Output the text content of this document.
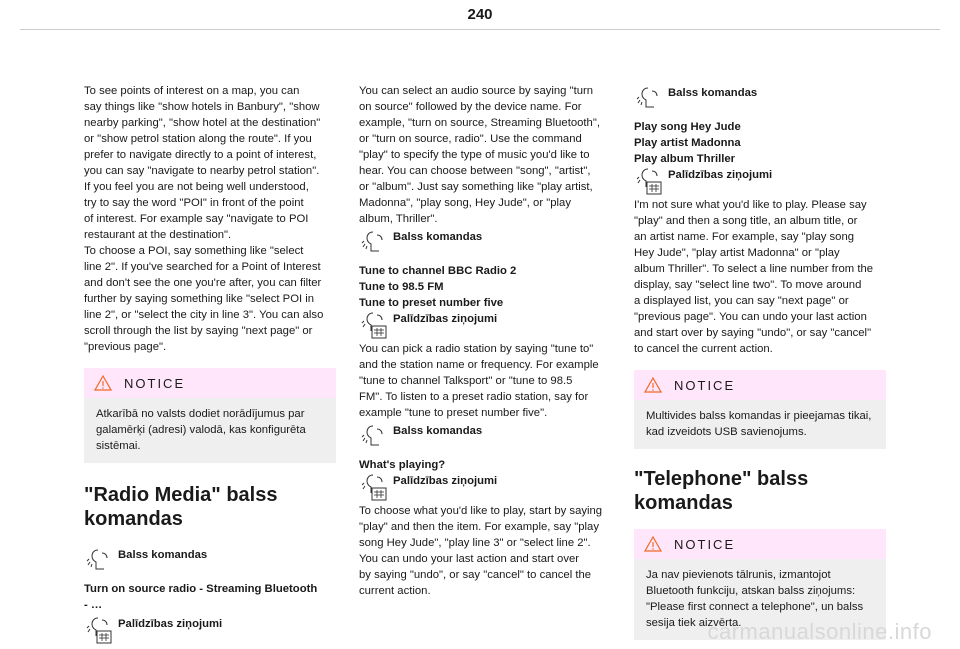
240

To see points of interest on a map, you can
say things like "show hotels in Banbury", "show
nearby parking", "show hotel at the destination"
or "show petrol station along the route". If you
prefer to navigate directly to a point of interest,
you can say "navigate to nearby petrol station".
If you feel you are not being well understood,
try to say the word "POI" in front of the point
of interest. For example say "navigate to POI
restaurant at the destination".
To choose a POI, say something like "select
line 2". If you've searched for a Point of Interest
and don't see the one you're after, you can filter
further by saying something like "select POI in
line 2", or "select the city in line 3". You can also
scroll through the list by saying "next page" or
"previous page".

NOTICE

Atkarībā no valsts dodiet norādījumus par
galamērķi (adresi) valodā, kas konfigurēta
sistēmai.

"Radio Media" balss
komandas

Balss komandas

Turn on source radio - Streaming Bluetooth
- …

Palīdzības ziņojumi

You can select an audio source by saying "turn
on source" followed by the device name. For
example, "turn on source, Streaming Bluetooth",
or "turn on source, radio". Use the command
"play" to specify the type of music you'd like to
hear. You can choose between "song", "artist",
or "album". Just say something like "play artist,
Madonna", "play song, Hey Jude", or "play
album, Thriller".

Balss komandas

Tune to channel BBC Radio 2
Tune to 98.5 FM
Tune to preset number five

Palīdzības ziņojumi

You can pick a radio station by saying "tune to"
and the station name or frequency. For example
"tune to channel Talksport" or "tune to 98.5
FM". To listen to a preset radio station, say for
example "tune to preset number five".

Balss komandas

What's playing?

Palīdzības ziņojumi

To choose what you'd like to play, start by saying
"play" and then the item. For example, say "play
song Hey Jude", "play line 3" or "select line 2".
You can undo your last action and start over
by saying "undo", or say "cancel" to cancel the
current action.

Balss komandas

Play song Hey Jude
Play artist Madonna
Play album Thriller

Palīdzības ziņojumi

I'm not sure what you'd like to play. Please say
"play" and then a song title, an album title, or
an artist name. For example, say "play song
Hey Jude", "play artist Madonna" or "play
album Thriller". To select a line number from the
display, say "select line two". To move around
a displayed list, you can say "next page" or
"previous page". You can undo your last action
and start over by saying "undo", or say "cancel"
to cancel the current action.

NOTICE

Multivides balss komandas ir pieejamas tikai,
kad izveidots USB savienojums.

"Telephone" balss
komandas

NOTICE

Ja nav pievienots tālrunis, izmantojot
Bluetooth funkciju, atskan balss ziņojums:
"Please first connect a telephone", un balss
sesija tiek aizvērta.

carmanualsonline.info
